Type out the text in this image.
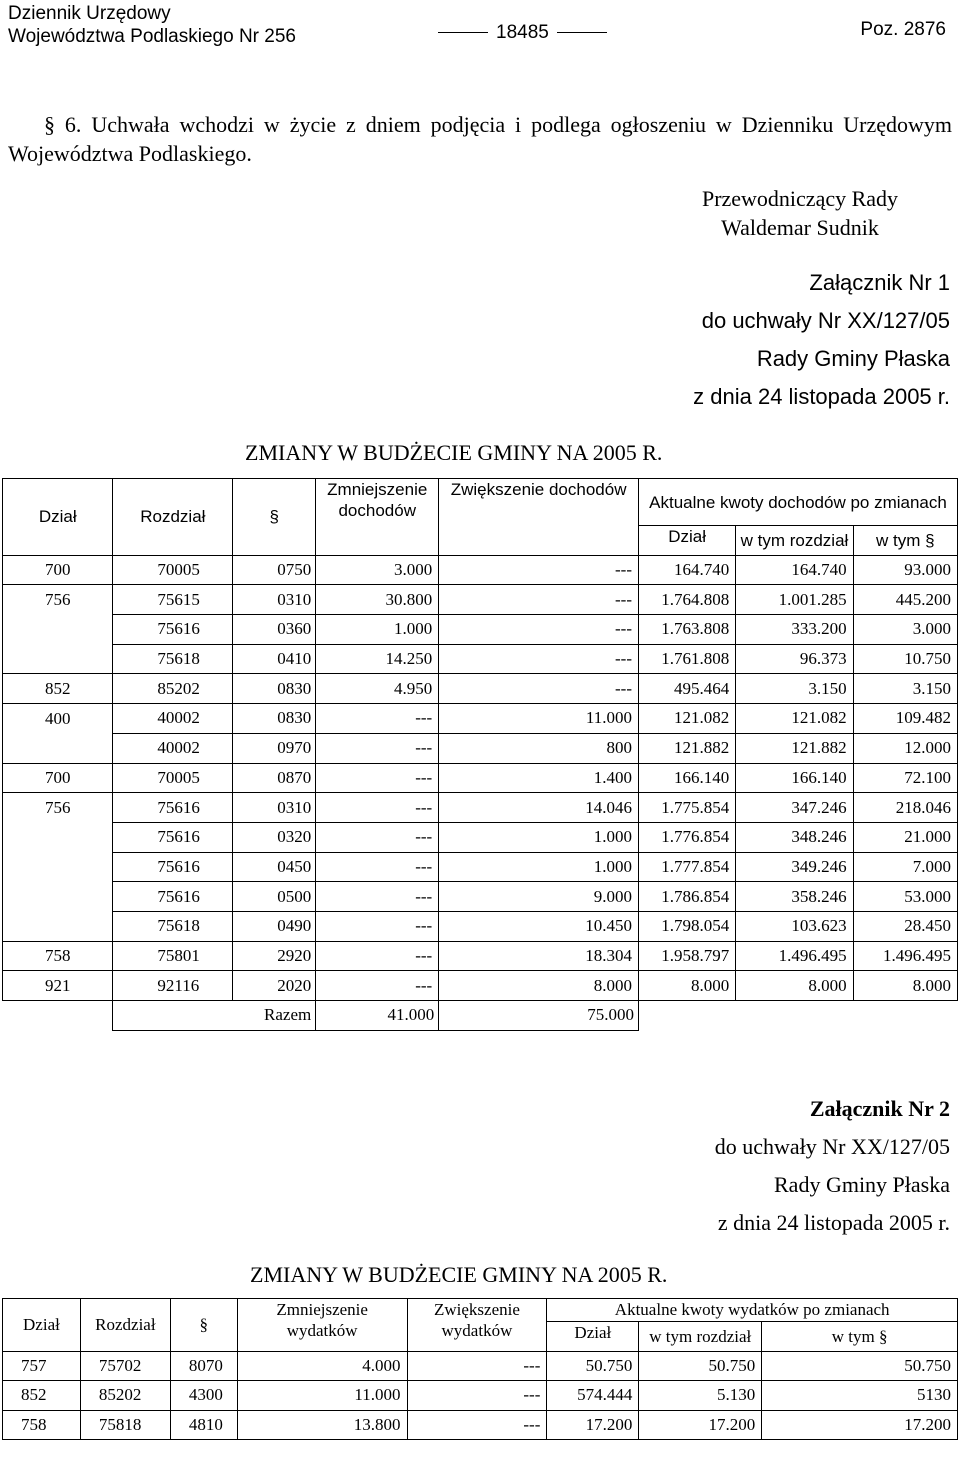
Dziennik Urzędowy
Województwa Podlaskiego Nr 256	18485	Poz. 2876
§ 6. Uchwała wchodzi w życie z dniem podjęcia i podlega ogłoszeniu w Dzienniku Urzędowym Województwa Podlaskiego.
Przewodniczący Rady
Waldemar Sudnik
Załącznik Nr 1
do uchwały Nr XX/127/05
Rady Gminy Płaska
z dnia 24 listopada 2005 r.
ZMIANY W BUDŻECIE GMINY NA 2005 R.
Dział	Rozdział	§	Zmniejszenie dochodów	Zwiększenie dochodów	Aktualne kwoty dochodów po zmianach		
					Dział	w tym rozdział	w tym §
700	70005	0750	3.000	---	164.740	164.740	93.000
756	75615	0310	30.800	---	1.764.808	1.001.285	445.200
	75616	0360	1.000	---	1.763.808	333.200	3.000
	75618	0410	14.250	---	1.761.808	96.373	10.750
852	85202	0830	4.950	---	495.464	3.150	3.150
400	40002	0830	---	11.000	121.082	121.082	109.482
	40002	0970	---	800	121.882	121.882	12.000
700	70005	0870	---	1.400	166.140	166.140	72.100
756	75616	0310	---	14.046	1.775.854	347.246	218.046
	75616	0320	---	1.000	1.776.854	348.246	21.000
	75616	0450	---	1.000	1.777.854	349.246	7.000
	75616	0500	---	9.000	1.786.854	358.246	53.000
	75618	0490	---	10.450	1.798.054	103.623	28.450
758	75801	2920	---	18.304	1.958.797	1.496.495	1.496.495
921	92116	2020	---	8.000	8.000	8.000	8.000
	Razem		41.000	75.000			
Załącznik Nr 2
do uchwały Nr XX/127/05
Rady Gminy Płaska
z dnia 24 listopada 2005 r.
ZMIANY W BUDŻECIE GMINY NA 2005 R.
Dział	Rozdział	§	Zmniejszenie wydatków	Zwiększenie wydatków	Aktualne kwoty wydatków po zmianach		
					Dział	w tym rozdział	w tym §
757	75702	8070	4.000	---	50.750	50.750	50.750
852	85202	4300	11.000	---	574.444	5.130	5130
758	75818	4810	13.800	---	17.200	17.200	17.200
